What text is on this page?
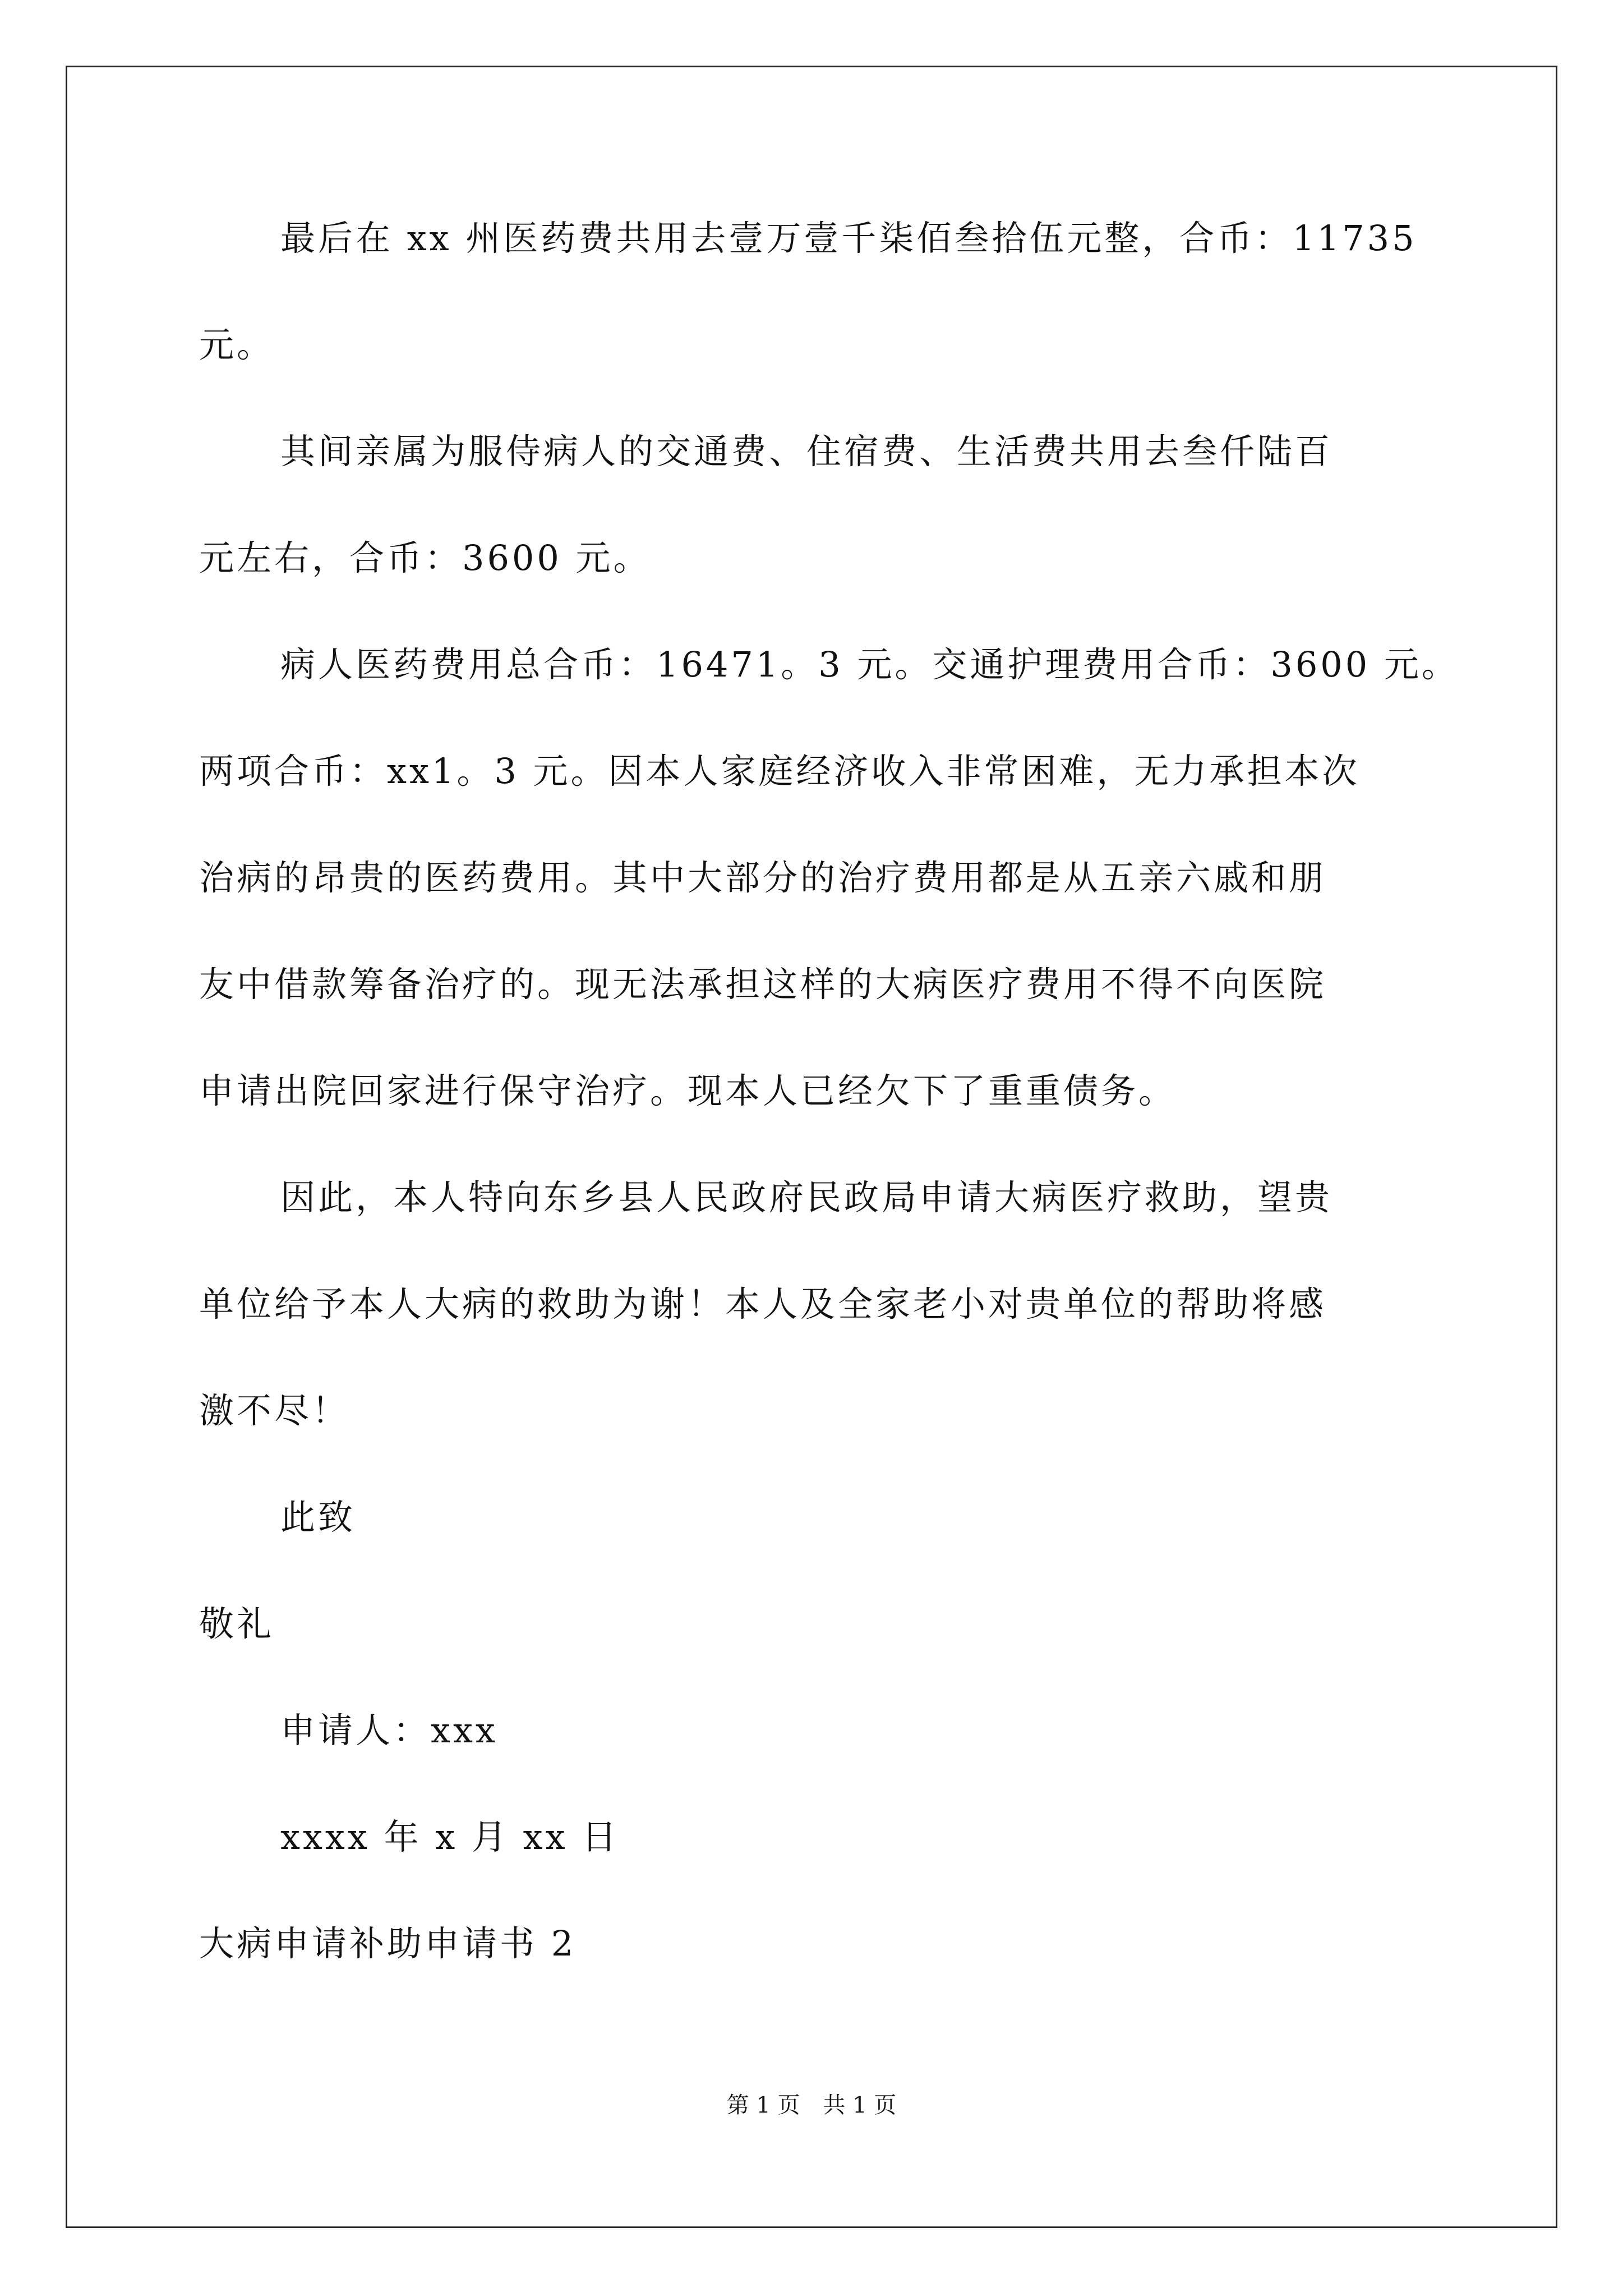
最后在 xx 州医药费共用去壹万壹千柒佰叁拾伍元整，合币：11735
元。
其间亲属为服侍病人的交通费、住宿费、生活费共用去叁仟陆百
元左右，合币：3600 元。
病人医药费用总合币：16471。3 元。交通护理费用合币：3600 元。
两项合币：xx1。3 元。因本人家庭经济收入非常困难，无力承担本次
治病的昂贵的医药费用。其中大部分的治疗费用都是从五亲六戚和朋
友中借款筹备治疗的。现无法承担这样的大病医疗费用不得不向医院
申请出院回家进行保守治疗。现本人已经欠下了重重债务。
因此，本人特向东乡县人民政府民政局申请大病医疗救助，望贵
单位给予本人大病的救助为谢！本人及全家老小对贵单位的帮助将感
激不尽！
此致
敬礼
申请人：xxx
xxxx 年 x 月 xx 日
大病申请补助申请书 2
第 1 页 共 1 页
